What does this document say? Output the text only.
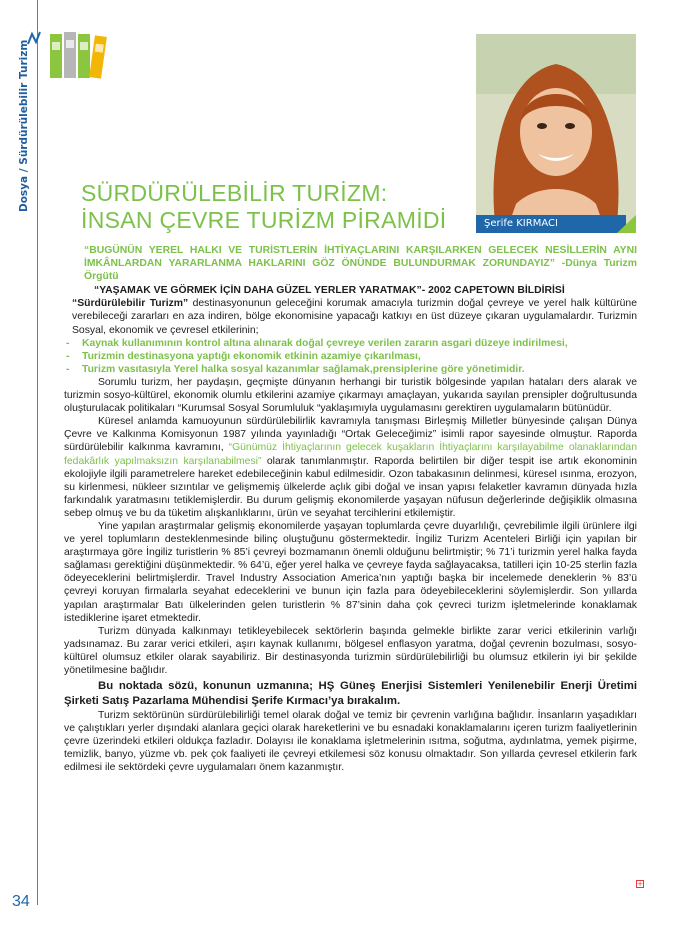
Dosya / Sürdürülebilir Turizm
Şerife KIRMACI
SÜRDÜRÜLEBİLİR TURİZM:
İNSAN ÇEVRE TURİZM PİRAMİDİ

“BUGÜNÜN YEREL HALKI VE TURİSTLERİN İHTİYAÇLARINI KARŞILARKEN GELECEK NESİLLERİN AYNI İMKÂNLARDAN YARARLANMA HAKLARINI GÖZ ÖNÜNDE BULUNDURMAK ZORUNDAYIZ” -Dünya Turizm Örgütü

“YAŞAMAK VE GÖRMEK İÇİN DAHA GÜZEL YERLER YARATMAK”- 2002 CAPETOWN BİLDİRİSİ

“Sürdürülebilir Turizm” destinasyonunun geleceğini korumak amacıyla turizmin doğal çevreye ve yerel halk kültürüne verebileceği zararları en aza indiren, bölge ekonomisine yapacağı katkıyı en üst düzeye çıkaran uygulamalardır. Turizmin Sosyal, ekonomik ve çevresel etkilerinin;

- Kaynak kullanımının kontrol altına alınarak doğal çevreye verilen zararın asgari düzeye indirilmesi,
- Turizmin destinasyona yaptığı ekonomik etkinin azamiye çıkarılması,
- Turizm vasıtasıyla Yerel halka sosyal kazanımlar sağlamak,prensiplerine göre yönetimidir.

Sorumlu turizm, her paydaşın, geçmişte dünyanın herhangi bir turistik bölgesinde yapılan hataları ders alarak ve turizmin sosyo-kültürel, ekonomik olumlu etkilerini azamiye çıkarmayı amaçlayan, yukarıda sayılan prensipler doğrultusunda oluşturulacak politikaları “Kurumsal Sosyal Sorumluluk “yaklaşımıyla uygulamasını gerektiren uygulamaların bütünüdür.

Küresel anlamda kamuoyunun sürdürülebilirlik kavramıyla tanışması Birleşmiş Milletler bünyesinde çalışan Dünya Çevre ve Kalkınma Komisyonun 1987 yılında yayınladığı “Ortak Geleceğimiz” isimli rapor sayesinde olmuştur. Raporda sürdürülebilir kalkınma kavramını, “Günümüz İhtiyaçlarının gelecek kuşakların İhtiyaçlarını karşılayabilme olanaklarından fedakârlık yapılmaksızın karşılanabilmesi” olarak tanımlanmıştır. Raporda belirtilen bir diğer tespit ise artık ekonominin ekolojiyle ilgili parametrelere hareket edebileceğinin kabul edilmesidir. Ozon tabakasının delinmesi, küresel ısınma, erozyon, su kirlenmesi, nükleer sızıntılar ve gelişmemiş ülkelerde açlık gibi doğal ve insan yapısı felaketler kavramın dünyada hızla farkındalık yaratmasını tetiklemişlerdir. Bu durum gelişmiş ekonomilerde yaşayan nüfusun değerlerinde değişiklik olmasına sebep olmuş ve bu da tüketim alışkanlıklarını, ürün ve seyahat tercihlerini etkilemiştir.

Yine yapılan araştırmalar gelişmiş ekonomilerde yaşayan toplumlarda çevre duyarlılığı, çevrebilimle ilgili ürünlere ilgi ve yerel toplumların desteklenmesinde bilinç oluştuğunu göstermektedir. İngiliz Turizm Acenteleri Birliği için yapılan bir araştırmaya göre İngiliz turistlerin % 85’i çevreyi bozmamanın önemli olduğunu belirtmiştir; % 71’i turizmin yerel halka fayda sağlaması gerektiğini düşünmektedir. % 64’ü, eğer yerel halka ve çevreye fayda sağlayacaksa, tatilleri için 10-25 sterlin fazla ödeyeceklerini belirtmişlerdir. Travel Industry Association America’nın yaptığı başka bir incelemede deneklerin % 83’ü çevreyi koruyan firmalarla seyahat edeceklerini ve bunun için fazla para ödeyebileceklerini söylemişlerdir. Son yıllarda yapılan araştırmalar Batı ülkelerinden gelen turistlerin % 87’sinin daha çok çevreci turizm işletmelerinde konaklamak istediklerine işaret etmektedir.

Turizm dünyada kalkınmayı tetikleyebilecek sektörlerin başında gelmekle birlikte zarar verici etkilerinin varlığı yadsınamaz. Bu zarar verici etkileri, aşırı kaynak kullanımı, bölgesel enflasyon yaratma, doğal çevrenin bozulması, sosyo-kültürel olumsuz etkiler olarak sayabiliriz. Bir destinasyonda turizmin sürdürülebilirliği bu olumsuz etkilerin iyi bir şekilde yönetilmesine bağlıdır.

Bu noktada sözü, konunun uzmanına; HŞ Güneş Enerjisi Sistemleri Yenilenebilir Enerji Üretimi Şirketi Satış Pazarlama Mühendisi Şerife Kırmacı’ya bırakalım.

Turizm sektörünün sürdürülebilirliği temel olarak doğal ve temiz bir çevrenin varlığına bağlıdır. İnsanların yaşadıkları ve çalıştıkları yerler dışındaki alanlara geçici olarak hareketlerini ve bu esnadaki konaklamalarını içeren turizm faaliyetlerinin çevre üzerindeki etkileri oldukça fazladır. Dolayısı ile konaklama işletmelerinin ısıtma, soğutma, aydınlatma, yemek pişirme, temizlik, banyo, yüzme vb. pek çok faaliyeti ile çevreyi etkilemesi söz konusu olmaktadır. Son yıllarda çevresel etkilerin fark edilmesi ile sektördeki çevre uygulamaları önem kazanmıştır.

+
34
